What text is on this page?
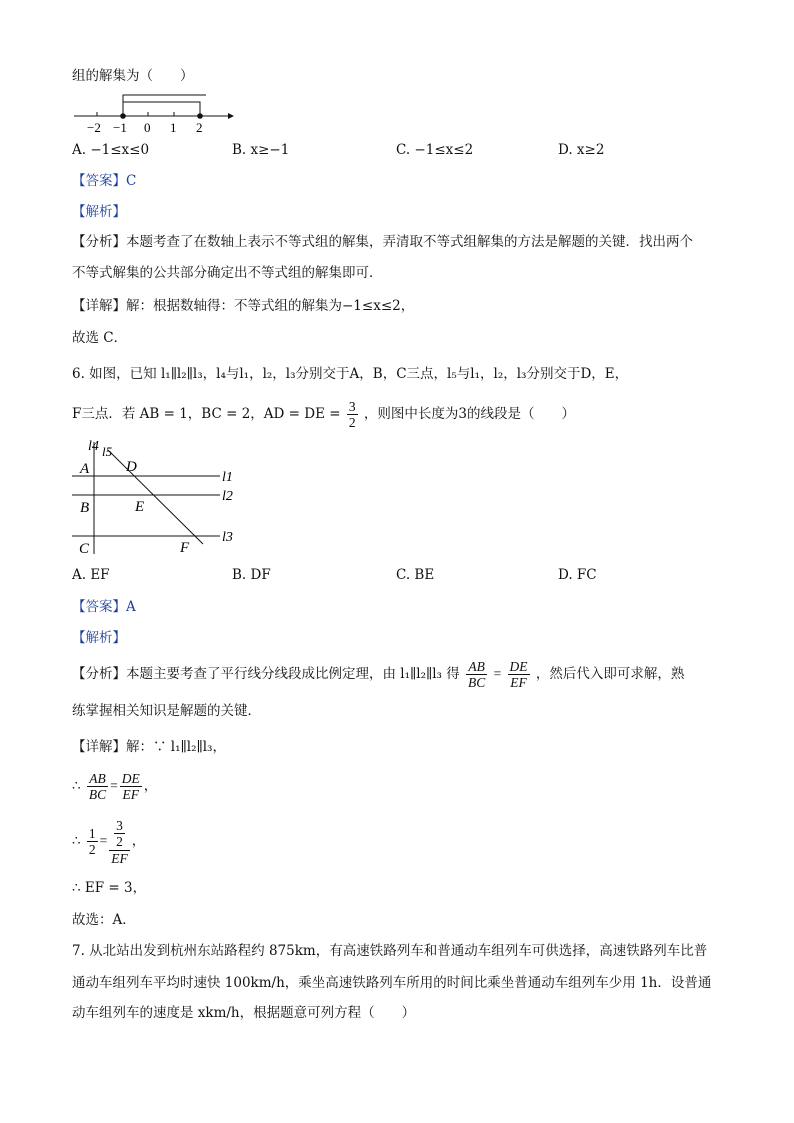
组的解集为（　　）
−2 −1 0 1 2
A. −1≤x≤0	B. x≥−1	C. −1≤x≤2	D. x≥2
【答案】C
【解析】
【分析】本题考查了在数轴上表示不等式组的解集，弄清取不等式组解集的方法是解题的关键．找出两个
不等式解集的公共部分确定出不等式组的解集即可．
【详解】解：根据数轴得：不等式组的解集为−1≤x≤2，
故选 C．
6. 如图，已知 l₁∥l₂∥l₃，l₄与l₁，l₂，l₃分别交于A，B，C三点，l₅与l₁，l₂，l₃分别交于D，E，
F三点．若 AB = 1，BC = 2，AD = DE = $\frac{3}{2}$ ，则图中长度为3的线段是（　　）
l4 l5
l1
l2
l3
A D
B	E
C	F
A. EF	B. DF	C. BE	D. FC
【答案】A
【解析】
【分析】本题主要考查了平行线分线段成比例定理，由 l₁∥l₂∥l₃ 得 $\frac{AB}{BC} = \frac{DE}{EF}$ ，然后代入即可求解，熟
练掌握相关知识是解题的关键．
【详解】解：∵ l₁∥l₂∥l₃，
∴ $\frac{AB}{BC} = \frac{DE}{EF}$ ，
∴ $\frac{1}{2} = \frac{\frac{3}{2}}{EF}$ ，
∴ EF = 3，
故选：A．
7. 从北站出发到杭州东站路程约 875km，有高速铁路列车和普通动车组列车可供选择，高速铁路列车比普
通动车组列车平均时速快 100km/h，乘坐高速铁路列车所用的时间比乘坐普通动车组列车少用 1h．设普通
动车组列车的速度是 xkm/h，根据题意可列方程（　　）
